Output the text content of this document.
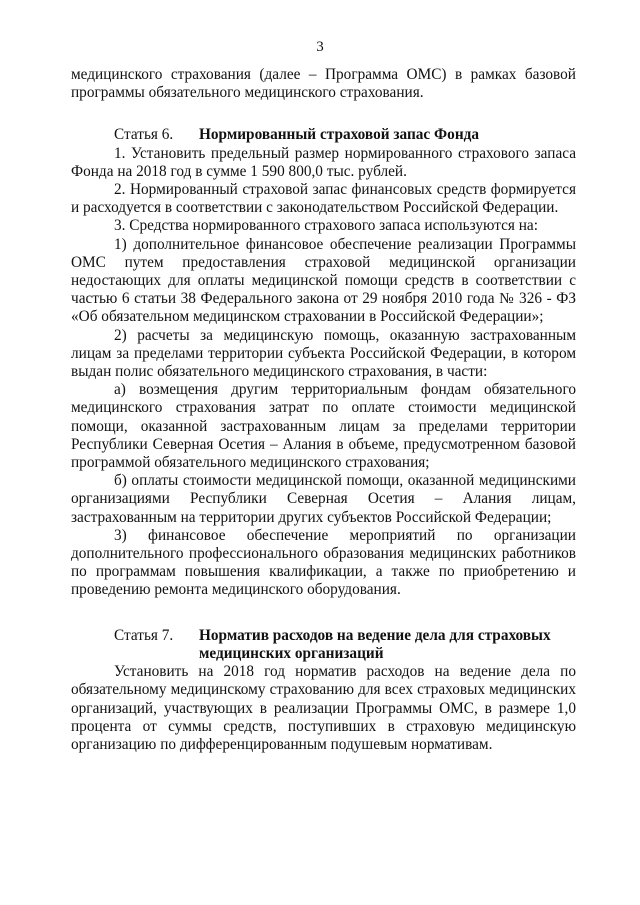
3

медицинского страхования (далее – Программа ОМС) в рамках базовой программы обязательного медицинского страхования.

Статья 6.	Нормированный страховой запас Фонда

1. Установить предельный размер нормированного страхового запаса Фонда на 2018 год в сумме 1 590 800,0 тыс. рублей.

2. Нормированный страховой запас финансовых средств формируется и расходуется в соответствии с законодательством Российской Федерации.

3. Средства нормированного страхового запаса используются на:

1) дополнительное финансовое обеспечение реализации Программы ОМС путем предоставления страховой медицинской организации недостающих для оплаты медицинской помощи средств в соответствии с частью 6 статьи 38 Федерального закона от 29 ноября 2010 года № 326 - ФЗ «Об обязательном медицинском страховании в Российской Федерации»;

2) расчеты за медицинскую помощь, оказанную застрахованным лицам за пределами территории субъекта Российской Федерации, в котором выдан полис обязательного медицинского страхования, в части:

а) возмещения другим территориальным фондам обязательного медицинского страхования затрат по оплате стоимости медицинской помощи, оказанной застрахованным лицам за пределами территории Республики Северная Осетия – Алания в объеме, предусмотренном базовой программой обязательного медицинского страхования;

б) оплаты стоимости медицинской помощи, оказанной медицинскими организациями Республики Северная Осетия – Алания лицам, застрахованным на территории других субъектов Российской Федерации;

3) финансовое обеспечение мероприятий по организации дополнительного профессионального образования медицинских работников по программам повышения квалификации, а также по приобретению и проведению ремонта медицинского оборудования.

Статья 7.	Норматив расходов на ведение дела для страховых медицинских организаций

Установить на 2018 год норматив расходов на ведение дела по обязательному медицинскому страхованию для всех страховых медицинских организаций, участвующих в реализации Программы ОМС, в размере 1,0 процента от суммы средств, поступивших в страховую медицинскую организацию по дифференцированным подушевым нормативам.
